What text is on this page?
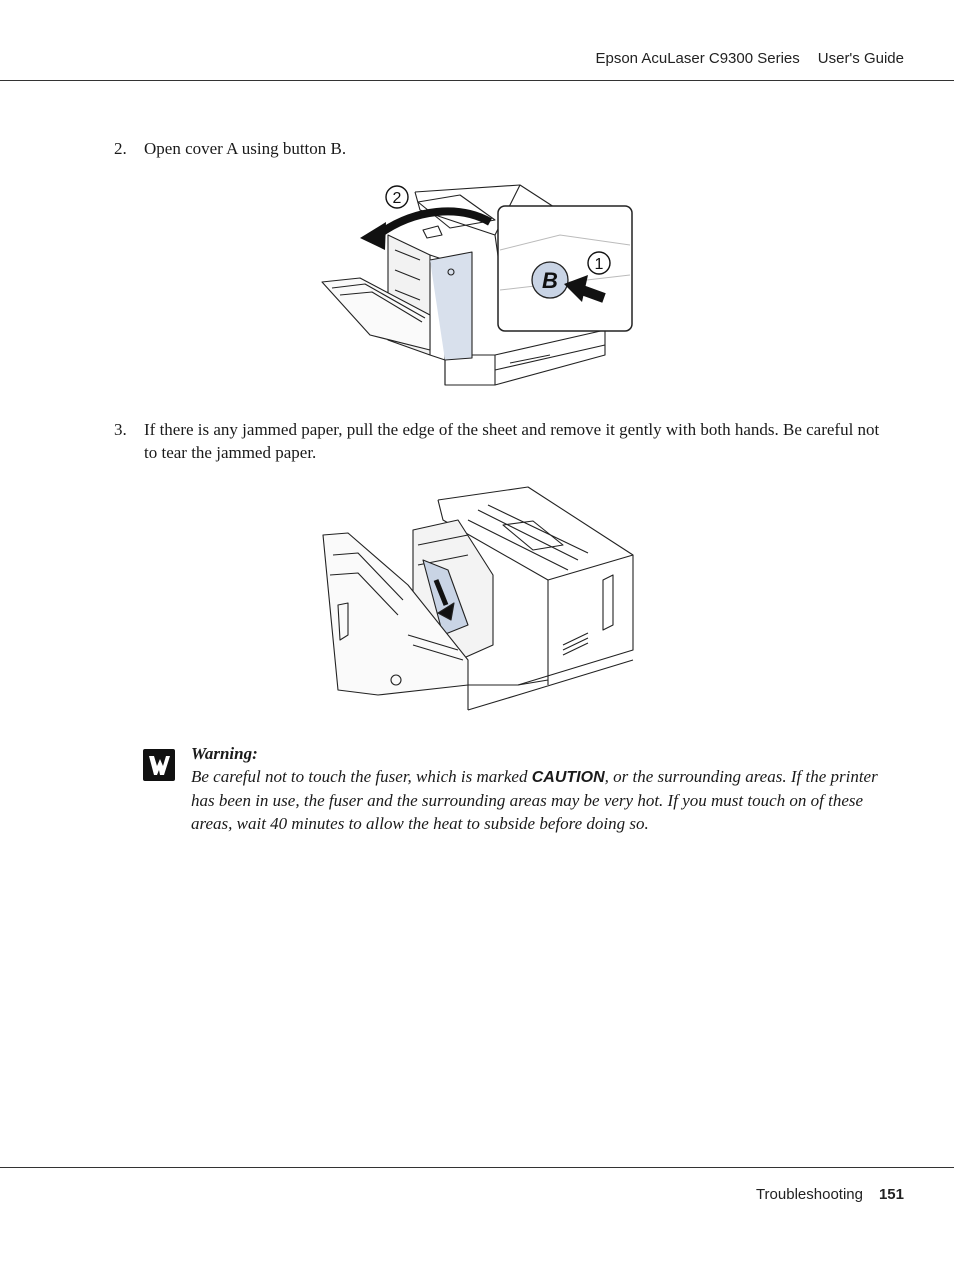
Epson AcuLaser C9300 Series User's Guide
2. Open cover A using button B.
2
B
1
3. If there is any jammed paper, pull the edge of the sheet and remove it gently with both hands. Be careful not to tear the jammed paper.
Warning:
Be careful not to touch the fuser, which is marked CAUTION, or the surrounding areas. If the printer has been in use, the fuser and the surrounding areas may be very hot. If you must touch on of these areas, wait 40 minutes to allow the heat to subside before doing so.
Troubleshooting 151
